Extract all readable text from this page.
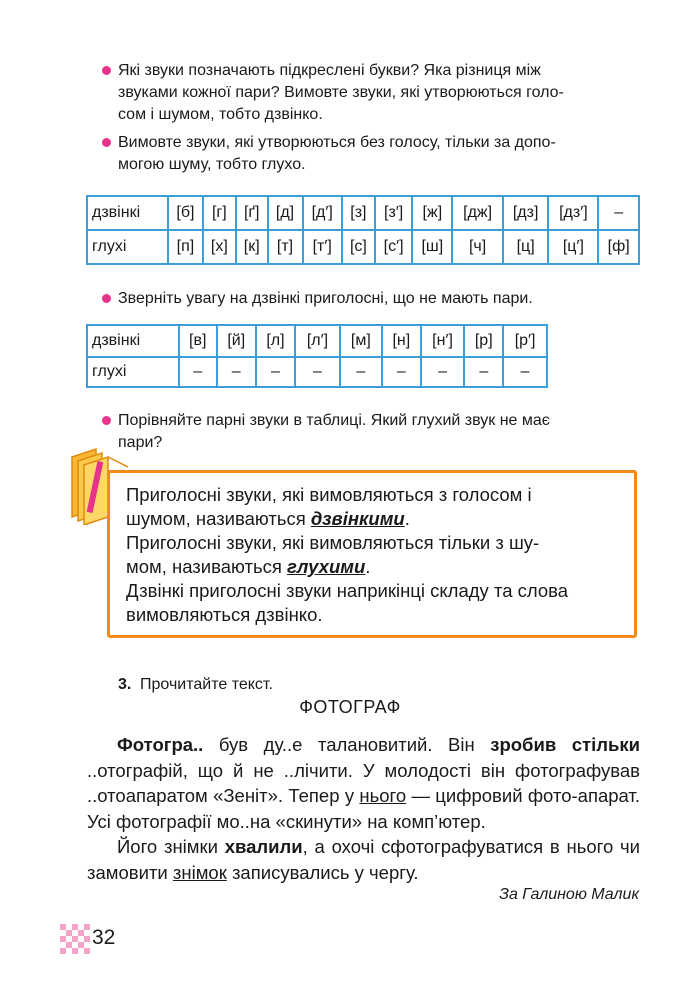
Які звуки позначають підкреслені букви? Яка різниця між
звуками кожної пари? Вимовте звуки, які утворюються голо-
сом і шумом, тобто дзвінко.
Вимовте звуки, які утворюються без голосу, тільки за допо-
могою шуму, тобто глухо.
дзвінкі	[б]	[г]	[ґ]	[д]	[д′]	[з]	[з′]	[ж]	[дж]	[дз]	[дз′]	–
глухі	[п]	[х]	[к]	[т]	[т′]	[с]	[с′]	[ш]	[ч]	[ц]	[ц′]	[ф]
Зверніть увагу на дзвінкі приголосні, що не мають пари.
дзвінкі	[в]	[й]	[л]	[л′]	[м]	[н]	[н′]	[р]	[р′]
глухі	–	–	–	–	–	–	–	–	–
Порівняйте парні звуки в таблиці. Який глухий звук не має
пари?
Приголосні звуки, які вимовляються з голосом і
шумом, називаються дзвінкими.
Приголосні звуки, які вимовляються тільки з шу-
мом, називаються глухими.
Дзвінкі приголосні звуки наприкінці складу та слова
вимовляються дзвінко.
3. Прочитайте текст.
ФОТОГРАФ

Фотогра.. був ду..е талановитий. Він зробив стільки ..отографій, що й не ..лічити. У молодості він фотографував ..отоапаратом «Зеніт». Тепер у нього — цифровий фото-апарат. Усі фотографії мо..на «скинути» на комп’ютер.

Його знімки хвалили, а охочі сфотографуватися в нього чи замовити знімок записувались у чергу.

За Галиною Малик
32
